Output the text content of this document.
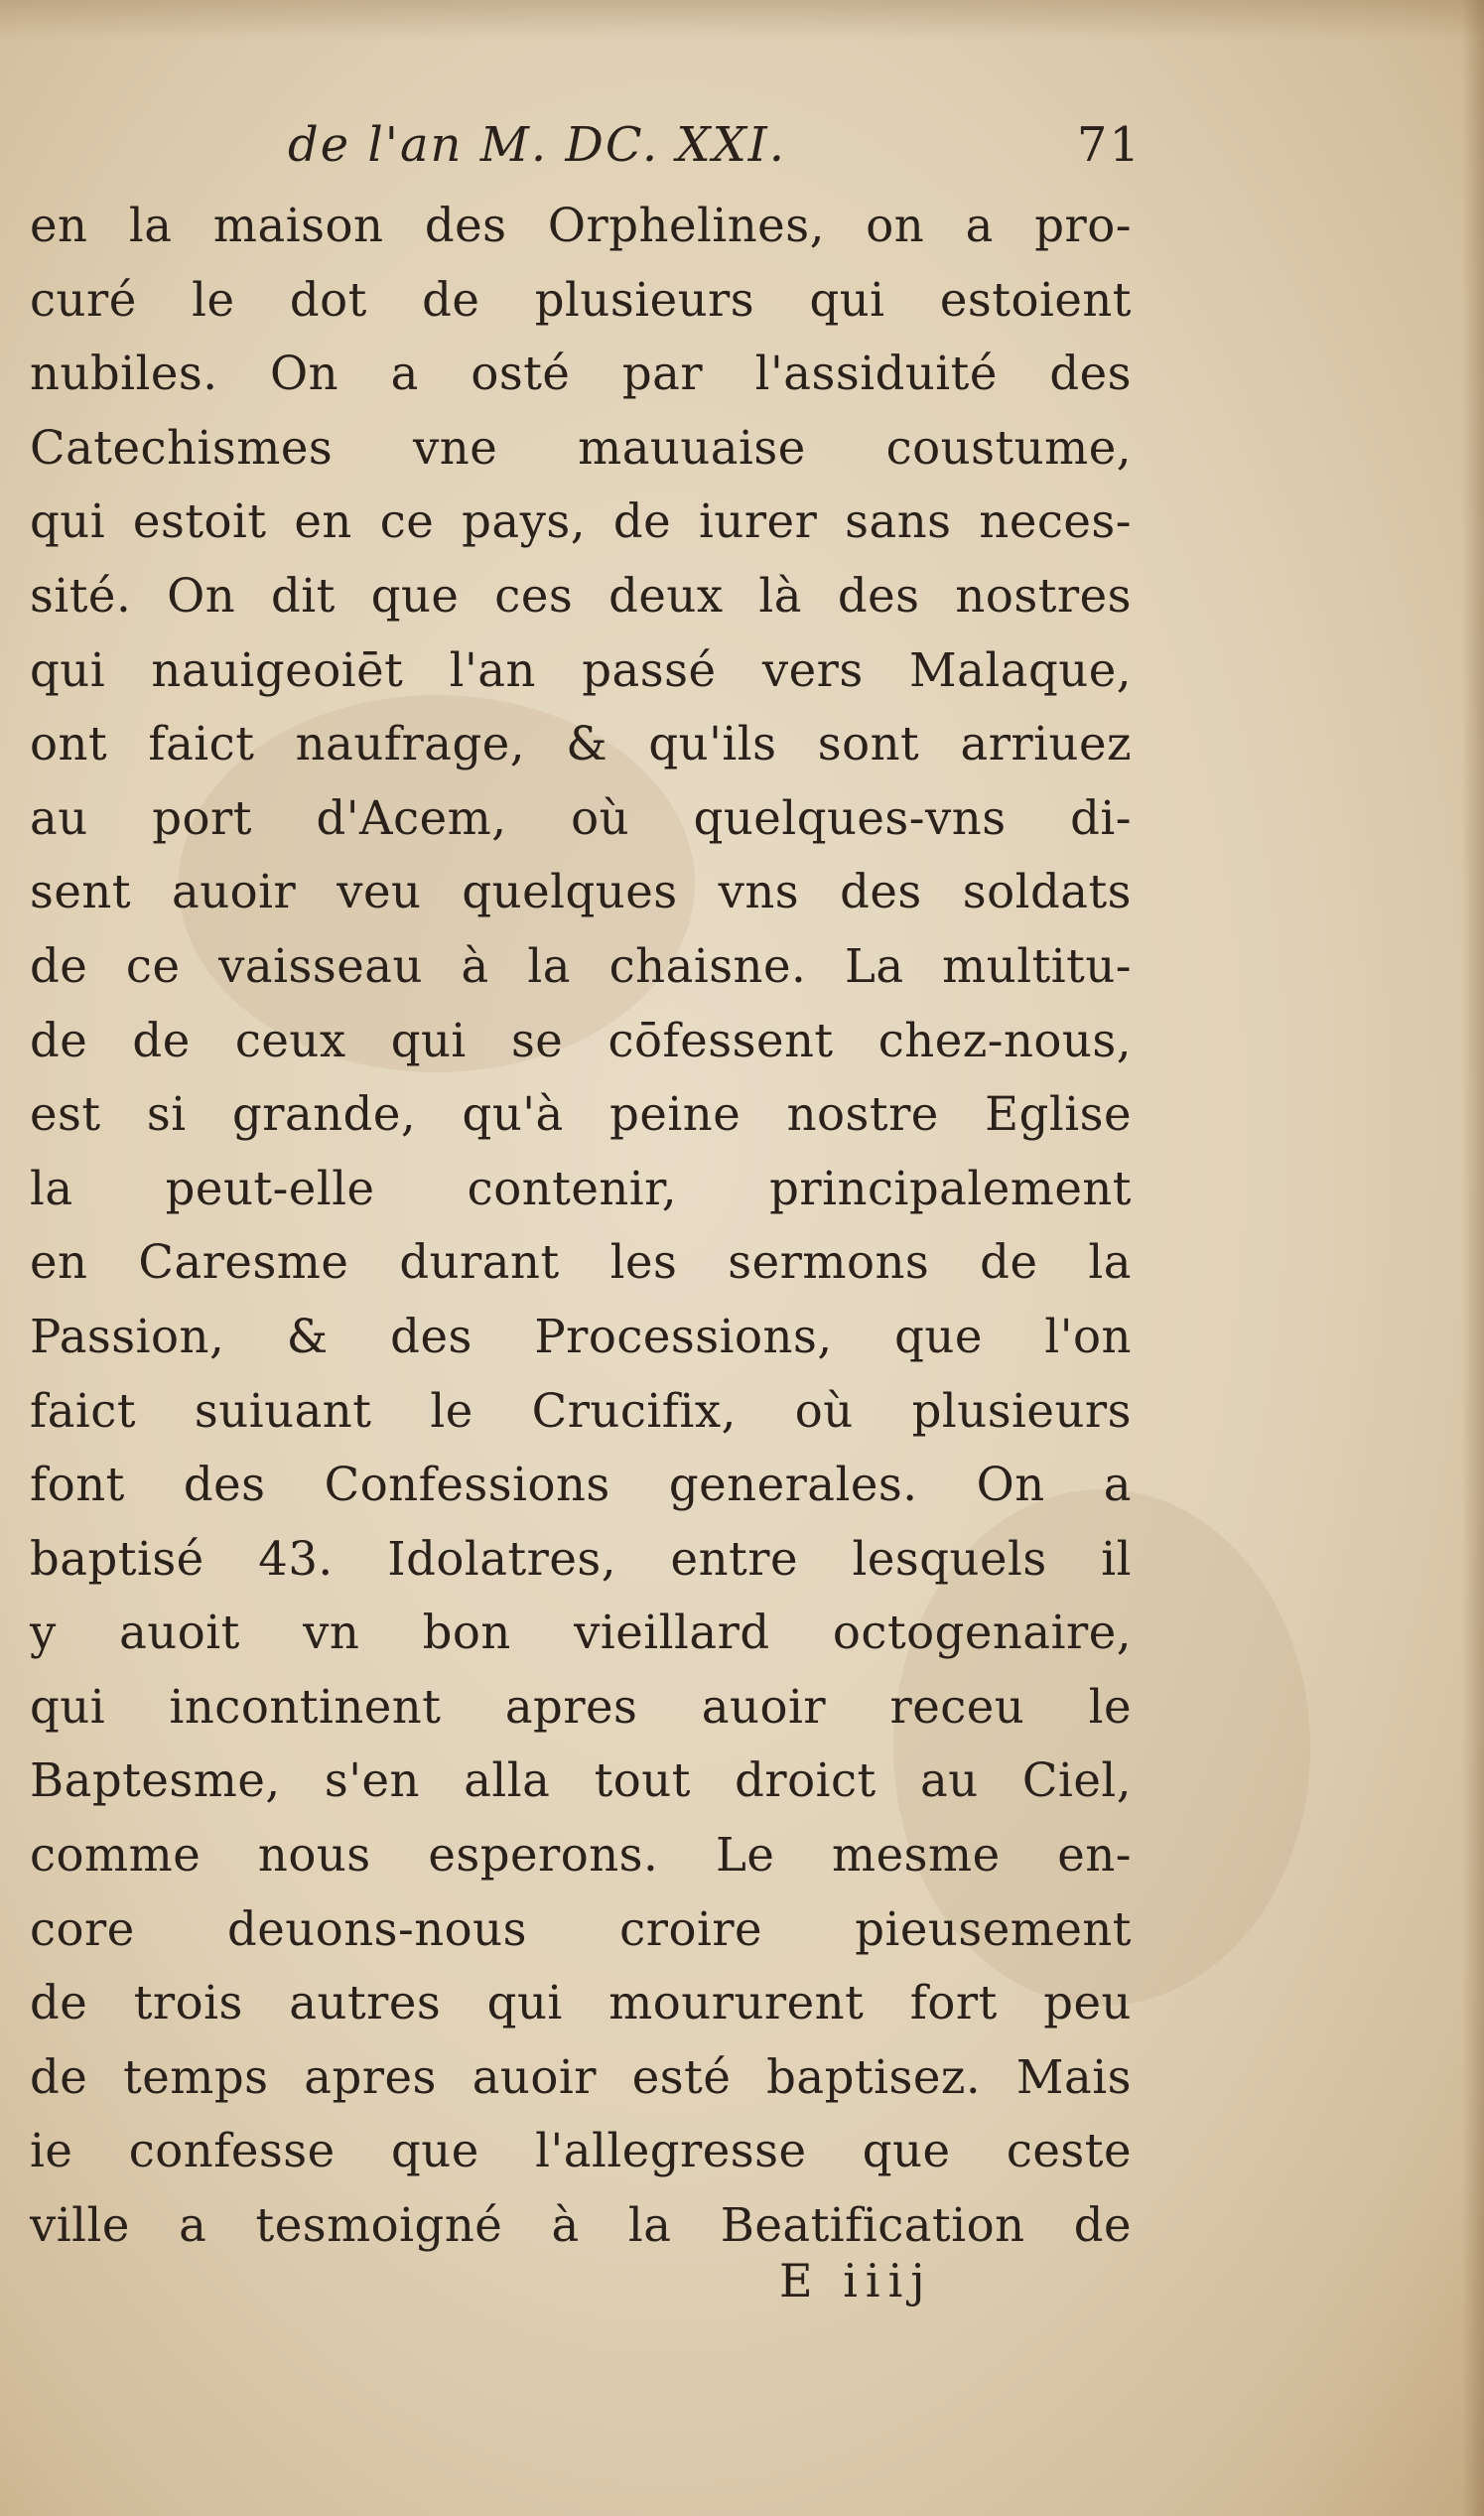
de l'an M. DC. XXI.	71
en la maison des Orphelines, on a pro-
curé le dot de plusieurs qui estoient
nubiles. On a osté par l'assiduité des
Catechismes vne mauuaise coustume,
qui estoit en ce pays, de iurer sans neces-
sité. On dit que ces deux là des nostres
qui nauigeoiēt l'an passé vers Malaque,
ont faict naufrage, & qu'ils sont arriuez
au port d'Acem, où quelques-vns di-
sent auoir veu quelques vns des soldats
de ce vaisseau à la chaisne. La multitu-
de de ceux qui se cōfessent chez-nous,
est si grande, qu'à peine nostre Eglise
la peut-elle contenir, principalement
en Caresme durant les sermons de la
Passion, & des Processions, que l'on
faict suiuant le Crucifix, où plusieurs
font des Confessions generales. On a
baptisé 43. Idolatres, entre lesquels il
y auoit vn bon vieillard octogenaire,
qui incontinent apres auoir receu le
Baptesme, s'en alla tout droict au Ciel,
comme nous esperons. Le mesme en-
core deuons-nous croire pieusement
de trois autres qui moururent fort peu
de temps apres auoir esté baptisez. Mais
ie confesse que l'allegresse que ceste
ville a tesmoigné à la Beatification de
E iiij
